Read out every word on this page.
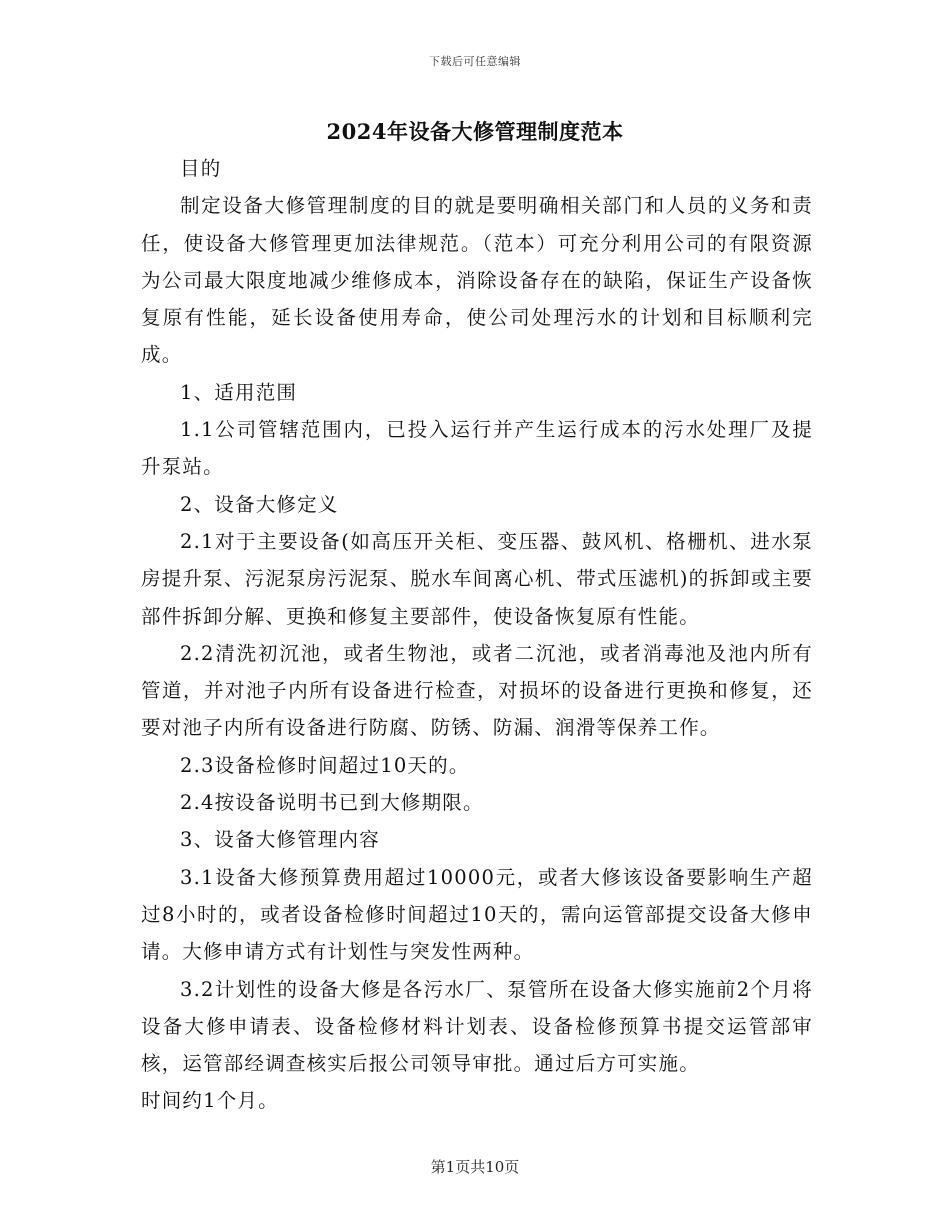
下载后可任意编辑
2024年设备大修管理制度范本

目的

制定设备大修管理制度的目的就是要明确相关部门和人员的义务和责任，使设备大修管理更加法律规范。（范本）可充分利用公司的有限资源为公司最大限度地减少维修成本，消除设备存在的缺陷，保证生产设备恢复原有性能，延长设备使用寿命，使公司处理污水的计划和目标顺利完成。

1、适用范围

1.1公司管辖范围内，已投入运行并产生运行成本的污水处理厂及提升泵站。

2、设备大修定义

2.1对于主要设备(如高压开关柜、变压器、鼓风机、格栅机、进水泵房提升泵、污泥泵房污泥泵、脱水车间离心机、带式压滤机)的拆卸或主要部件拆卸分解、更换和修复主要部件，使设备恢复原有性能。

2.2清洗初沉池，或者生物池，或者二沉池，或者消毒池及池内所有管道，并对池子内所有设备进行检查，对损坏的设备进行更换和修复，还要对池子内所有设备进行防腐、防锈、防漏、润滑等保养工作。

2.3设备检修时间超过10天的。

2.4按设备说明书已到大修期限。

3、设备大修管理内容

3.1设备大修预算费用超过10000元，或者大修该设备要影响生产超过8小时的，或者设备检修时间超过10天的，需向运管部提交设备大修申请。大修申请方式有计划性与突发性两种。

3.2计划性的设备大修是各污水厂、泵管所在设备大修实施前2个月将设备大修申请表、设备检修材料计划表、设备检修预算书提交运管部审核，运管部经调查核实后报公司领导审批。通过后方可实施。

时间约1个月。

第1页共10页
